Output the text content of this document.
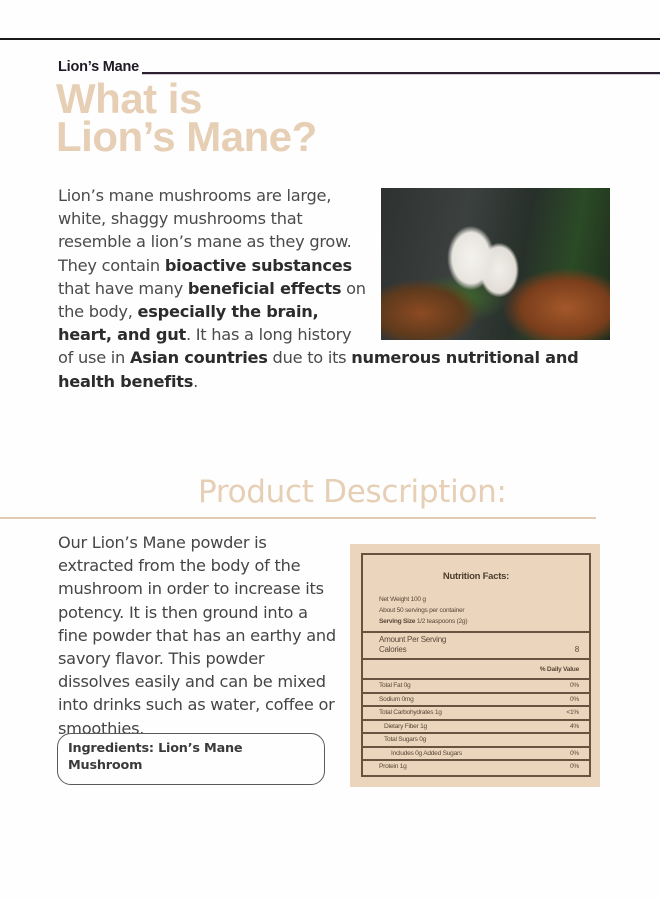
Lion’s Mane
What is
Lion’s Mane?

Lion’s mane mushrooms are large, white, shaggy mushrooms that resemble a lion’s mane as they grow. They contain bioactive substances that have many beneficial effects on the body, especially the brain, heart, and gut. It has a long history of use in Asian countries due to its numerous nutritional and health benefits.

Product Description:
Nutrition Facts:
Net Weight 100 g
About 50 servings per container
Serving Size 1/2 teaspoons (2g)
Amount Per Serving
Calories	8
% Daily Value
Total Fat 0g	0%
Sodium 0mg	0%
Total Carbohydrates 1g	<1%
Dietary Fiber 1g	4%
Total Sugars 0g
Includes 0g Added Sugars	0%
Protein 1g	0%

Our Lion’s Mane powder is extracted from the body of the mushroom in order to increase its potency. It is then ground into a fine powder that has an earthy and savory flavor. This powder dissolves easily and can be mixed into drinks such as water, coffee or smoothies.

Ingredients: Lion’s Mane Mushroom
